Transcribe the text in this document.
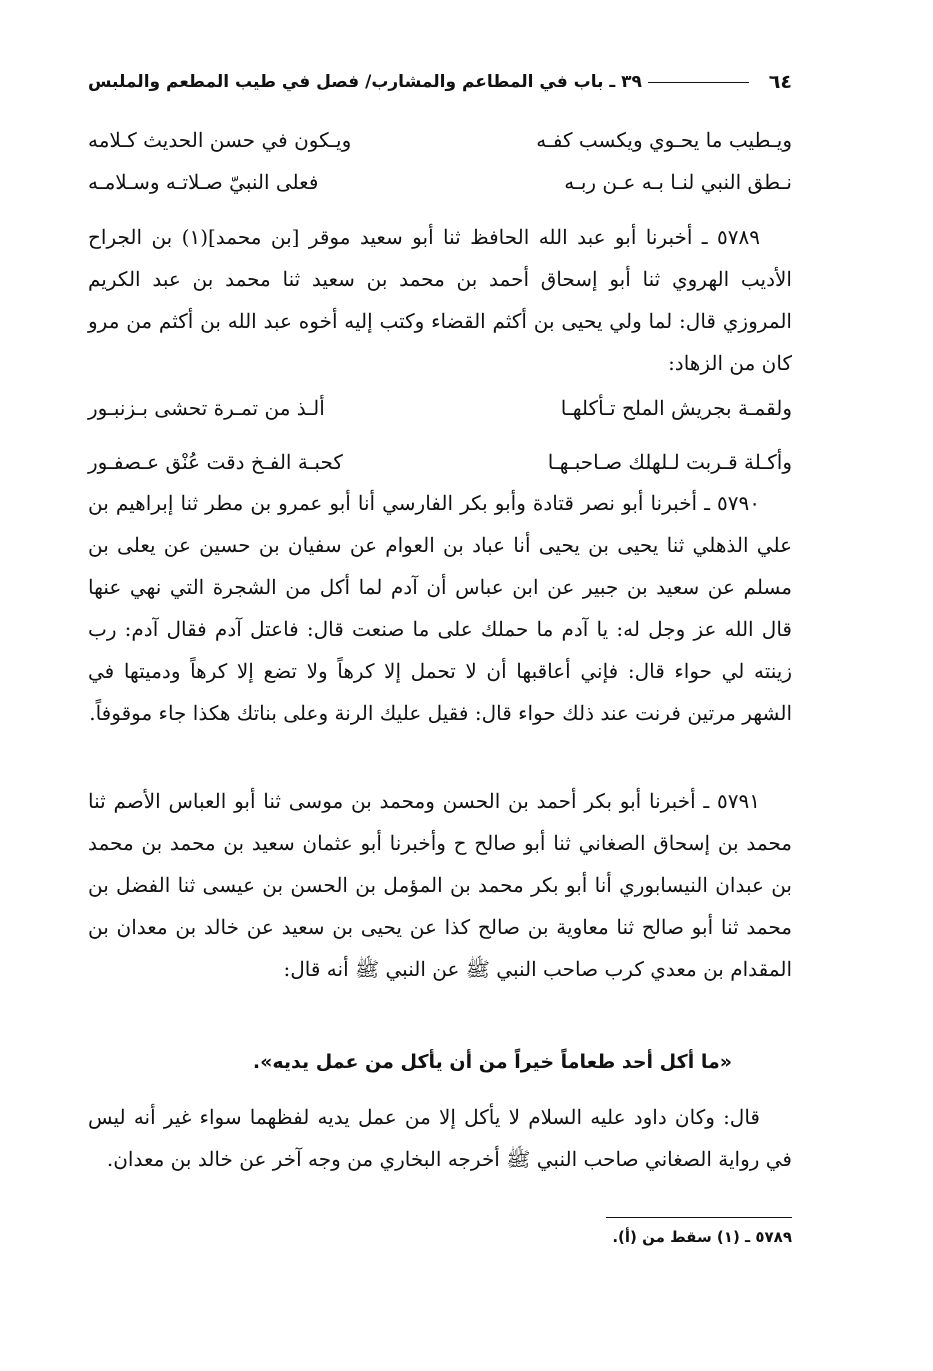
٦٤
٣٩ ـ باب في المطاعم والمشارب/ فصل في طيب المطعم والملبس
ويـطيب ما يحـوي ويكسب كفـه
ويـكون في حسن الحديث كـلامه
نـطق النبي لنـا بـه عـن ربـه
فعلى النبيّ صـلاتـه وسـلامـه
٥٧٨٩ ـ أخبرنا أبو عبد الله الحافظ ثنا أبو سعيد موقر [بن محمد](١) بن الجراح الأديب الهروي ثنا أبو إسحاق أحمد بن محمد بن سعيد ثنا محمد بن عبد الكريم المروزي قال: لما ولي يحيى بن أكثم القضاء وكتب إليه أخوه عبد الله بن أكثم من مرو كان من الزهاد:
ولقمـة بجريش الملح تـأكلهـا
ألـذ من تمـرة تحشى بـزنبـور
وأكـلة قـربت لـلهلك صـاحبـهـا
كحبـة الفـخ دقت عُنْق عـصفـور
٥٧٩٠ ـ أخبرنا أبو نصر قتادة وأبو بكر الفارسي أنا أبو عمرو بن مطر ثنا إبراهيم بن علي الذهلي ثنا يحيى بن يحيى أنا عباد بن العوام عن سفيان بن حسين عن يعلى بن مسلم عن سعيد بن جبير عن ابن عباس أن آدم لما أكل من الشجرة التي نهي عنها قال الله عز وجل له: يا آدم ما حملك على ما صنعت قال: فاعتل آدم فقال آدم: رب زينته لي حواء قال: فإني أعاقبها أن لا تحمل إلا كرهاً ولا تضع إلا كرهاً ودميتها في الشهر مرتين فرنت عند ذلك حواء قال: فقيل عليك الرنة وعلى بناتك هكذا جاء موقوفاً.
٥٧٩١ ـ أخبرنا أبو بكر أحمد بن الحسن ومحمد بن موسى ثنا أبو العباس الأصم ثنا محمد بن إسحاق الصغاني ثنا أبو صالح ح وأخبرنا أبو عثمان سعيد بن محمد بن محمد بن عبدان النيسابوري أنا أبو بكر محمد بن المؤمل بن الحسن بن عيسى ثنا الفضل بن محمد ثنا أبو صالح ثنا معاوية بن صالح كذا عن يحيى بن سعيد عن خالد بن معدان بن المقدام بن معدي كرب صاحب النبي ﷺ عن النبي ﷺ أنه قال:
«ما أكل أحد طعاماً خيراً من أن يأكل من عمل يديه».
قال: وكان داود عليه السلام لا يأكل إلا من عمل يديه لفظهما سواء غير أنه ليس في رواية الصغاني صاحب النبي ﷺ أخرجه البخاري من وجه آخر عن خالد بن معدان.
٥٧٨٩ ـ (١) سقط من (أ).
